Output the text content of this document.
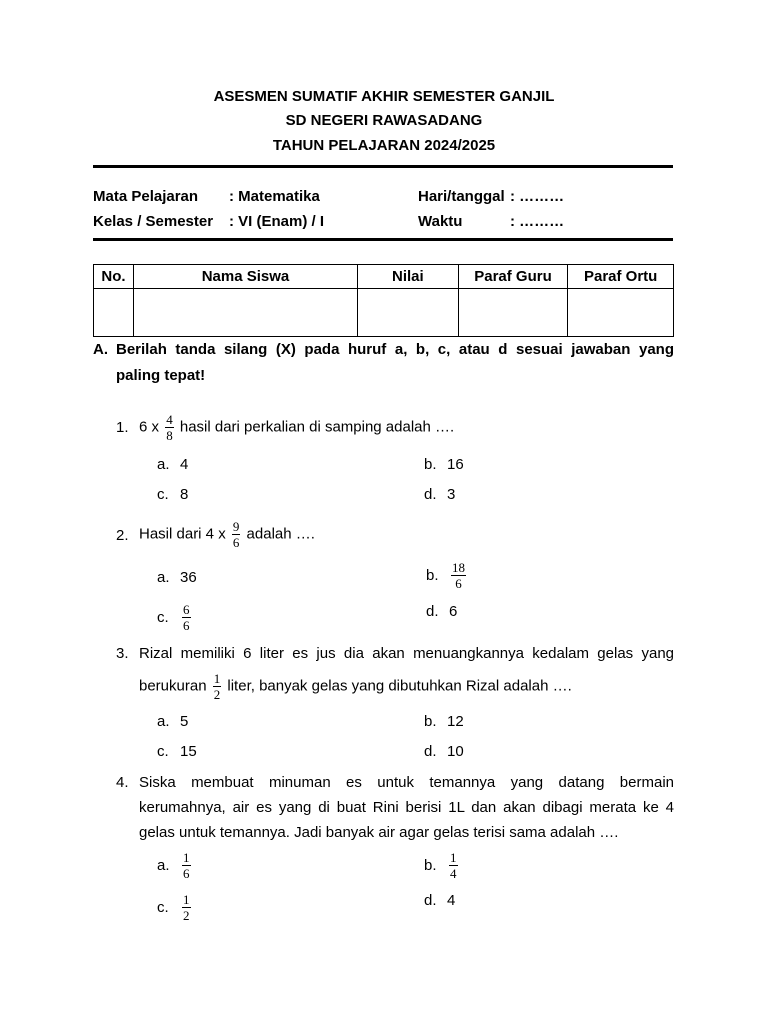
ASESMEN SUMATIF AKHIR SEMESTER GANJIL
SD NEGERI RAWASADANG
TAHUN PELAJARAN 2024/2025
Mata Pelajaran : Matematika
Kelas / Semester : VI (Enam) / I
Hari/tanggal : ………
Waktu	: ………
No.	Nama Siswa	Nilai	Paraf Guru	Paraf Ortu

A. Berilah tanda silang (X) pada huruf a, b, c, atau d sesuai jawaban yang
paling tepat!
1. 6 x $\frac{4}{8}$ hasil dari perkalian di samping adalah ….
a. 4	b. 16
c. 8	d. 3
2. Hasil dari 4 x $\frac{9}{6}$ adalah ….
a. 36	b. $\frac{18}{6}$
c. $\frac{6}{6}$	d. 6
3. Rizal memiliki 6 liter es jus dia akan menuangkannya kedalam gelas yang
berukuran $\frac{1}{2}$ liter, banyak gelas yang dibutuhkan Rizal adalah ….
a. 5	b. 12
c. 15	d. 10
4. Siska membuat minuman es untuk temannya yang datang bermain
kerumahnya, air es yang di buat Rini berisi 1L dan akan dibagi merata ke 4
gelas untuk temannya. Jadi banyak air agar gelas terisi sama adalah ….
a. $\frac{1}{6}$	b. $\frac{1}{4}$
c. $\frac{1}{2}$	d. 4
